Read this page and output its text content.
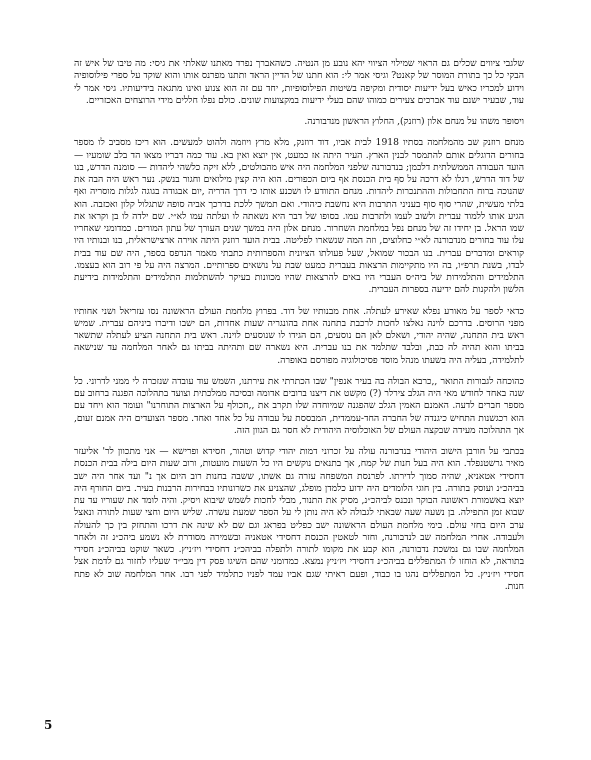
שלגבי ציווים שכלים גם הראוי שמילוי הציווי יהא נובע מן הנטיה. כשהאברך נפרד מאתנו שאלתי את גיסי: מה טיבו של איש זה הבקי כל כך בתורת המוסר של קאנט? וגיסי אמר לי: הוא חתנו של הדיין הראד ותתנו מפרנס אותו והוא שוקד על ספרי פילוסופיה וידוע למכריו כאיש בעל ידיעות יסודית ומקיפה בשיטות הפילוסופיות, יחד עם זה הוא צנוע ואינו מתגאה בידיעותיו. גיסי אמר לי עוד, שבעיר ישנם עוד אברכים צעירים כמוהו שהם בעלי ידיעות במקצועות שונים. כולם נפלו חללים מידי הרוצחים האכזריים.

ויסופר משהו על מנחם אלון (רוזנק), החלוץ הראשון מנדבורנה.

מנחם רוזנק שב מהמלחמה בסתיו 1918 לבית אביו, דוד רוזנק, מלא מרץ ויוזמה ולהוט למעשים. הוא ריכז מסביב לו מספר בחורים הדוגלים אותם להתמסר לבנין הארץ. העיר היתה אז כמעט, אין יוצא ואין בא. עוד כמה דבריו מצאו הד בלב שומעיו — הועד העבודה הממשלתית דלכמן; בנדבורנה שלפני המלחמה היה איש מהבולטים, ללא זיקה כלשהי ליהדות — סומנה הדרש, בנו של דוד הדרש, רגלו לא דרכה על סף בית הכנסת אף ביום הכפורים. הוא היה קצין מילואים וחגור בנשק. נער ראש היה הבה את שהנוכה ברוח התחבולות וההתנכרות ליהדות. מנחם התוודע לו ושכנע אותו כי דרך הדריה ,יום אבגודה בגוגה לגלות מוסריה ואף בלתי מעשית, שהרי סוף סוף בעניני התרבות היא נחשבת כיהודי. ואם תמשך ללכת בדרכך אביה סופה שתגלול קלון ואכזבה. הוא הגיע אותו ללמוד עברית ולשוב לעמו ולתרבות עמו. בסופו של דבר היא נשאתה לו ועלתה עמו לא״י. שם ילדה לו בן וקראו את שמו הראל. בן יחידו זה של מנחם נפל במלחמת השחרור. מנחם אלון היה במשך שנים העורך של עתון המורים. כמדומני שאחריו עלו עוד בחורים מנדבורנה לא״י כחלוצים, וזה המה שנשארו לפליטה. בבית הועד רוזנק היתה אוירה ארצישראלית, בנו ובנותיו היו קוראים ומדברים עברית. בנו הבכור שמואל, שעל פעולתו הציונית והספרותית כתבתי מאמר הנדפס בספר, היה שם עוד בבית לבדו, בשנת תרפ״ו, בה היו מתקיימות הרצאות בעברית כמעט שבת על נושאים ספרותיים. המרצה היה על פי רוב הוא בעצמו. התלמידים והתלמידות של ביה״ס העברי היו באים להרצאות שהיו מכוונות בעיקר להשתלמות התלמידים והתלמידות בידיעת הלשון ולהקנות להם ידיעה בספרות העברית.

כדאי לספר על מאורע נפלא שאירע לעתלה. אחת מבנותיו של דוד. בפרוץ מלחמת העולם הראשונה נסו עזריאל ושני אחותיו מפני הרוסים. בדרכם לוינה נאלצו לחכות לרכבת בתחנה אחת בהונגריה שעות אחדות, הם ישבו ודיברו ביניהם עברית. שמיש ראש בית התחנה, שהיה יהודי, ושאלם לאן הם נוסעים, הם הגידו לו שנוסעים לוינה. ראש בית התחנה הציע לעתלה שתשאר בביתו והוא תהיה לה כבת, ובלבד שתלמד את בנו עברית. היא נשארה שם ותהיתה בביתו גם לאחר המלחמה עד שנישאה לתלמידה, בעליה היה בשעתו מנהל מוסד פסיכולוגיה מפורסם באופרה.

כהוכחה לגבורות התואר ,,כרבא הבולה בה בעיר אנפין" שבו הכתרתי את עירתנו, השמש עוד עובדה שנזכרה לי ממני לדרוני. כל שנה באחד לחודש מאי היה הגלב צירלר (?) מקשט את דיצנו ברובים אדומה ובסיכה ממלכתית וצועד בתהלוכה הפגנה ברחוב עם מספר חברים לדעה. האמנם האמין הגלב שהפגנה שמיוחדה שלו תקרב את ,,חכולף על הארצות התוחרנו" ועומד הוא ויחד עם הוא רכגשנות התחיש כיגנדה של החברה החד-עממדית, המבססת על עבודה על כל אחד ואחד. מספר הצועדים היה אמנם זעום, אך התהלוכה מעידה שבקצה העולם של האוכלוסיה היהודית לא חסר גם הגוון הזה.

בכתבי על חורבן הישוב היהודי בנדבורנה עולה על זכרוני דמות יהודי קדוש וטהור, חסידא ופרישא — אני מתכוון לר' אליעזר מאיר גרשטנפלד. הוא היה בעל חנות של קמח, אך בתנאים נוקשים היו כל השעות מועטות, ורוב שעות היום בילה בבית הכנסת דחסידי אטאניא, שהיה סמוך לדירתו. לפרנסת המשפחה עזרה גם אשתו, ששבה בחנות רוב היום אך נ" ועד אחר היה ישב בביהכ״נ ועוסק בתורה. בין חוגי הלומדים היה ידוע כלמדן מופלג, שהצניע את כשרונותיו בבחירות הרבנות בעיר. ביום החורף היה יוצא באשמורת ראשונה הבוקר ונכנס לביהכ״נ, מסיק את התנור, מבלי לחכות לשמש שיבוא ויסיק. והיה לומד את שעוריו עד עת שבוא זמן התפילה. בן נשעה שעה שבאתי לגבולה לא היה נותן לי על הספר שמעת עשרה. שליש היום וחצי שעות לתורה ונאצל ערב היום בחזי עולם. בימי מלחמת העולם הראשונה ישב כפליט בפראג וגם שם לא שינה את דרכו והתחזק בין כך להעולה ולעבודה. אחרי המלחמה שב לנדבורנה, וחזר לטאטין הכנסת דחסידי אטאניה ובשמירה מסודרת לא נשמע ביהכ״נ זה ולאחר המלחמה שבו גם נמשכת נדבורנה, הוא קבע את מקומו לתורה ולתפלה בביהכ״נ דחסידי ויז׳ניץ. כשאר שוקט בביהכ״נ חסידי בתוראה, לא הוחזו לו המתפללים בביהכ״נ דחסידי ויז׳ניץ נמצא. כמדומני שהם השיגו פסק דין מבי״ד שעליו לחזור גם לדמת אצל חסידי ויז׳ניץ. כל המתפללים נהגו בו כבוד, ופעם ראיתי שגם אביו עמד לפניו כתלמיד לפני רבו. אחר המלחמה שוב לא פתח חנות.

5
